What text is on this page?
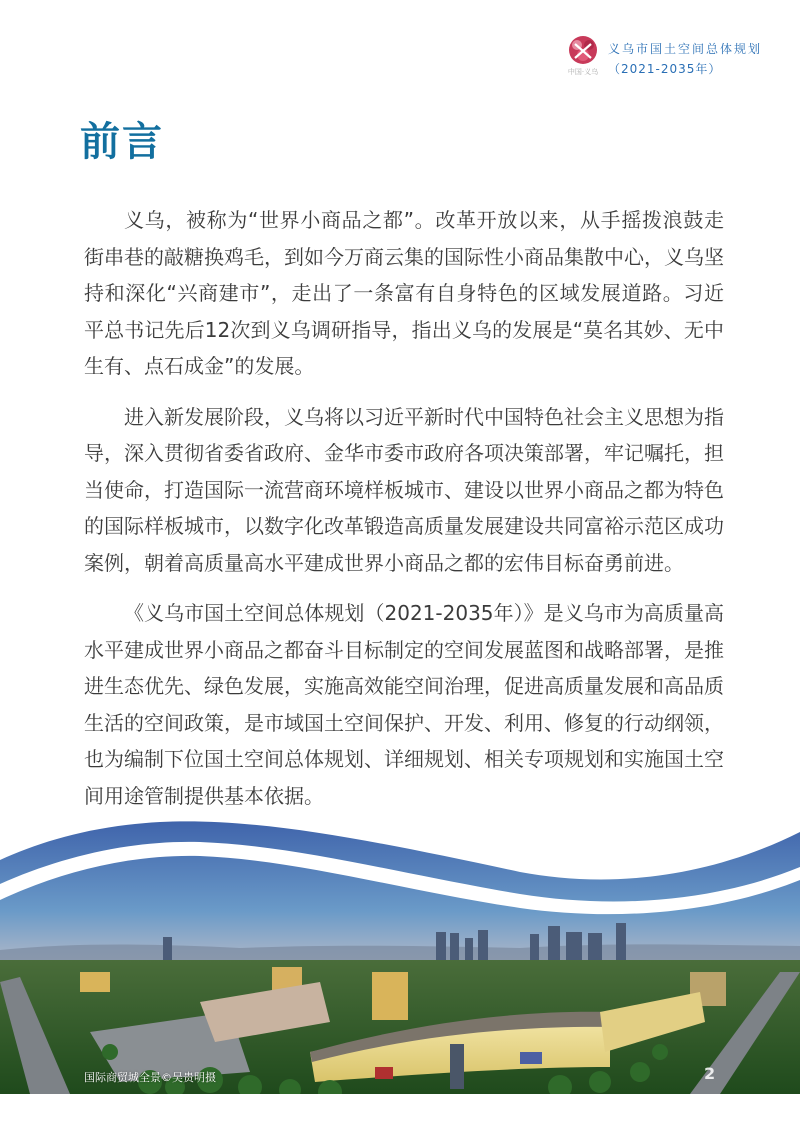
中国·义乌
义乌市国土空间总体规划
（2021-2035年）
前言

义乌，被称为“世界小商品之都”。改革开放以来，从手摇拨浪鼓走街串巷的敲糖换鸡毛，到如今万商云集的国际性小商品集散中心，义乌坚持和深化“兴商建市”，走出了一条富有自身特色的区域发展道路。习近平总书记先后12次到义乌调研指导，指出义乌的发展是“莫名其妙、无中生有、点石成金”的发展。

进入新发展阶段，义乌将以习近平新时代中国特色社会主义思想为指导，深入贯彻省委省政府、金华市委市政府各项决策部署，牢记嘱托，担当使命，打造国际一流营商环境样板城市、建设以世界小商品之都为特色的国际样板城市，以数字化改革锻造高质量发展建设共同富裕示范区成功案例，朝着高质量高水平建成世界小商品之都的宏伟目标奋勇前进。

《义乌市国土空间总体规划（2021-2035年）》是义乌市为高质量高水平建成世界小商品之都奋斗目标制定的空间发展蓝图和战略部署，是推进生态优先、绿色发展，实施高效能空间治理，促进高质量发展和高品质生活的空间政策，是市域国土空间保护、开发、利用、修复的行动纲领，也为编制下位国土空间总体规划、详细规划、相关专项规划和实施国土空间用途管制提供基本依据。

国际商贸城全景©吴贵明摄	2
